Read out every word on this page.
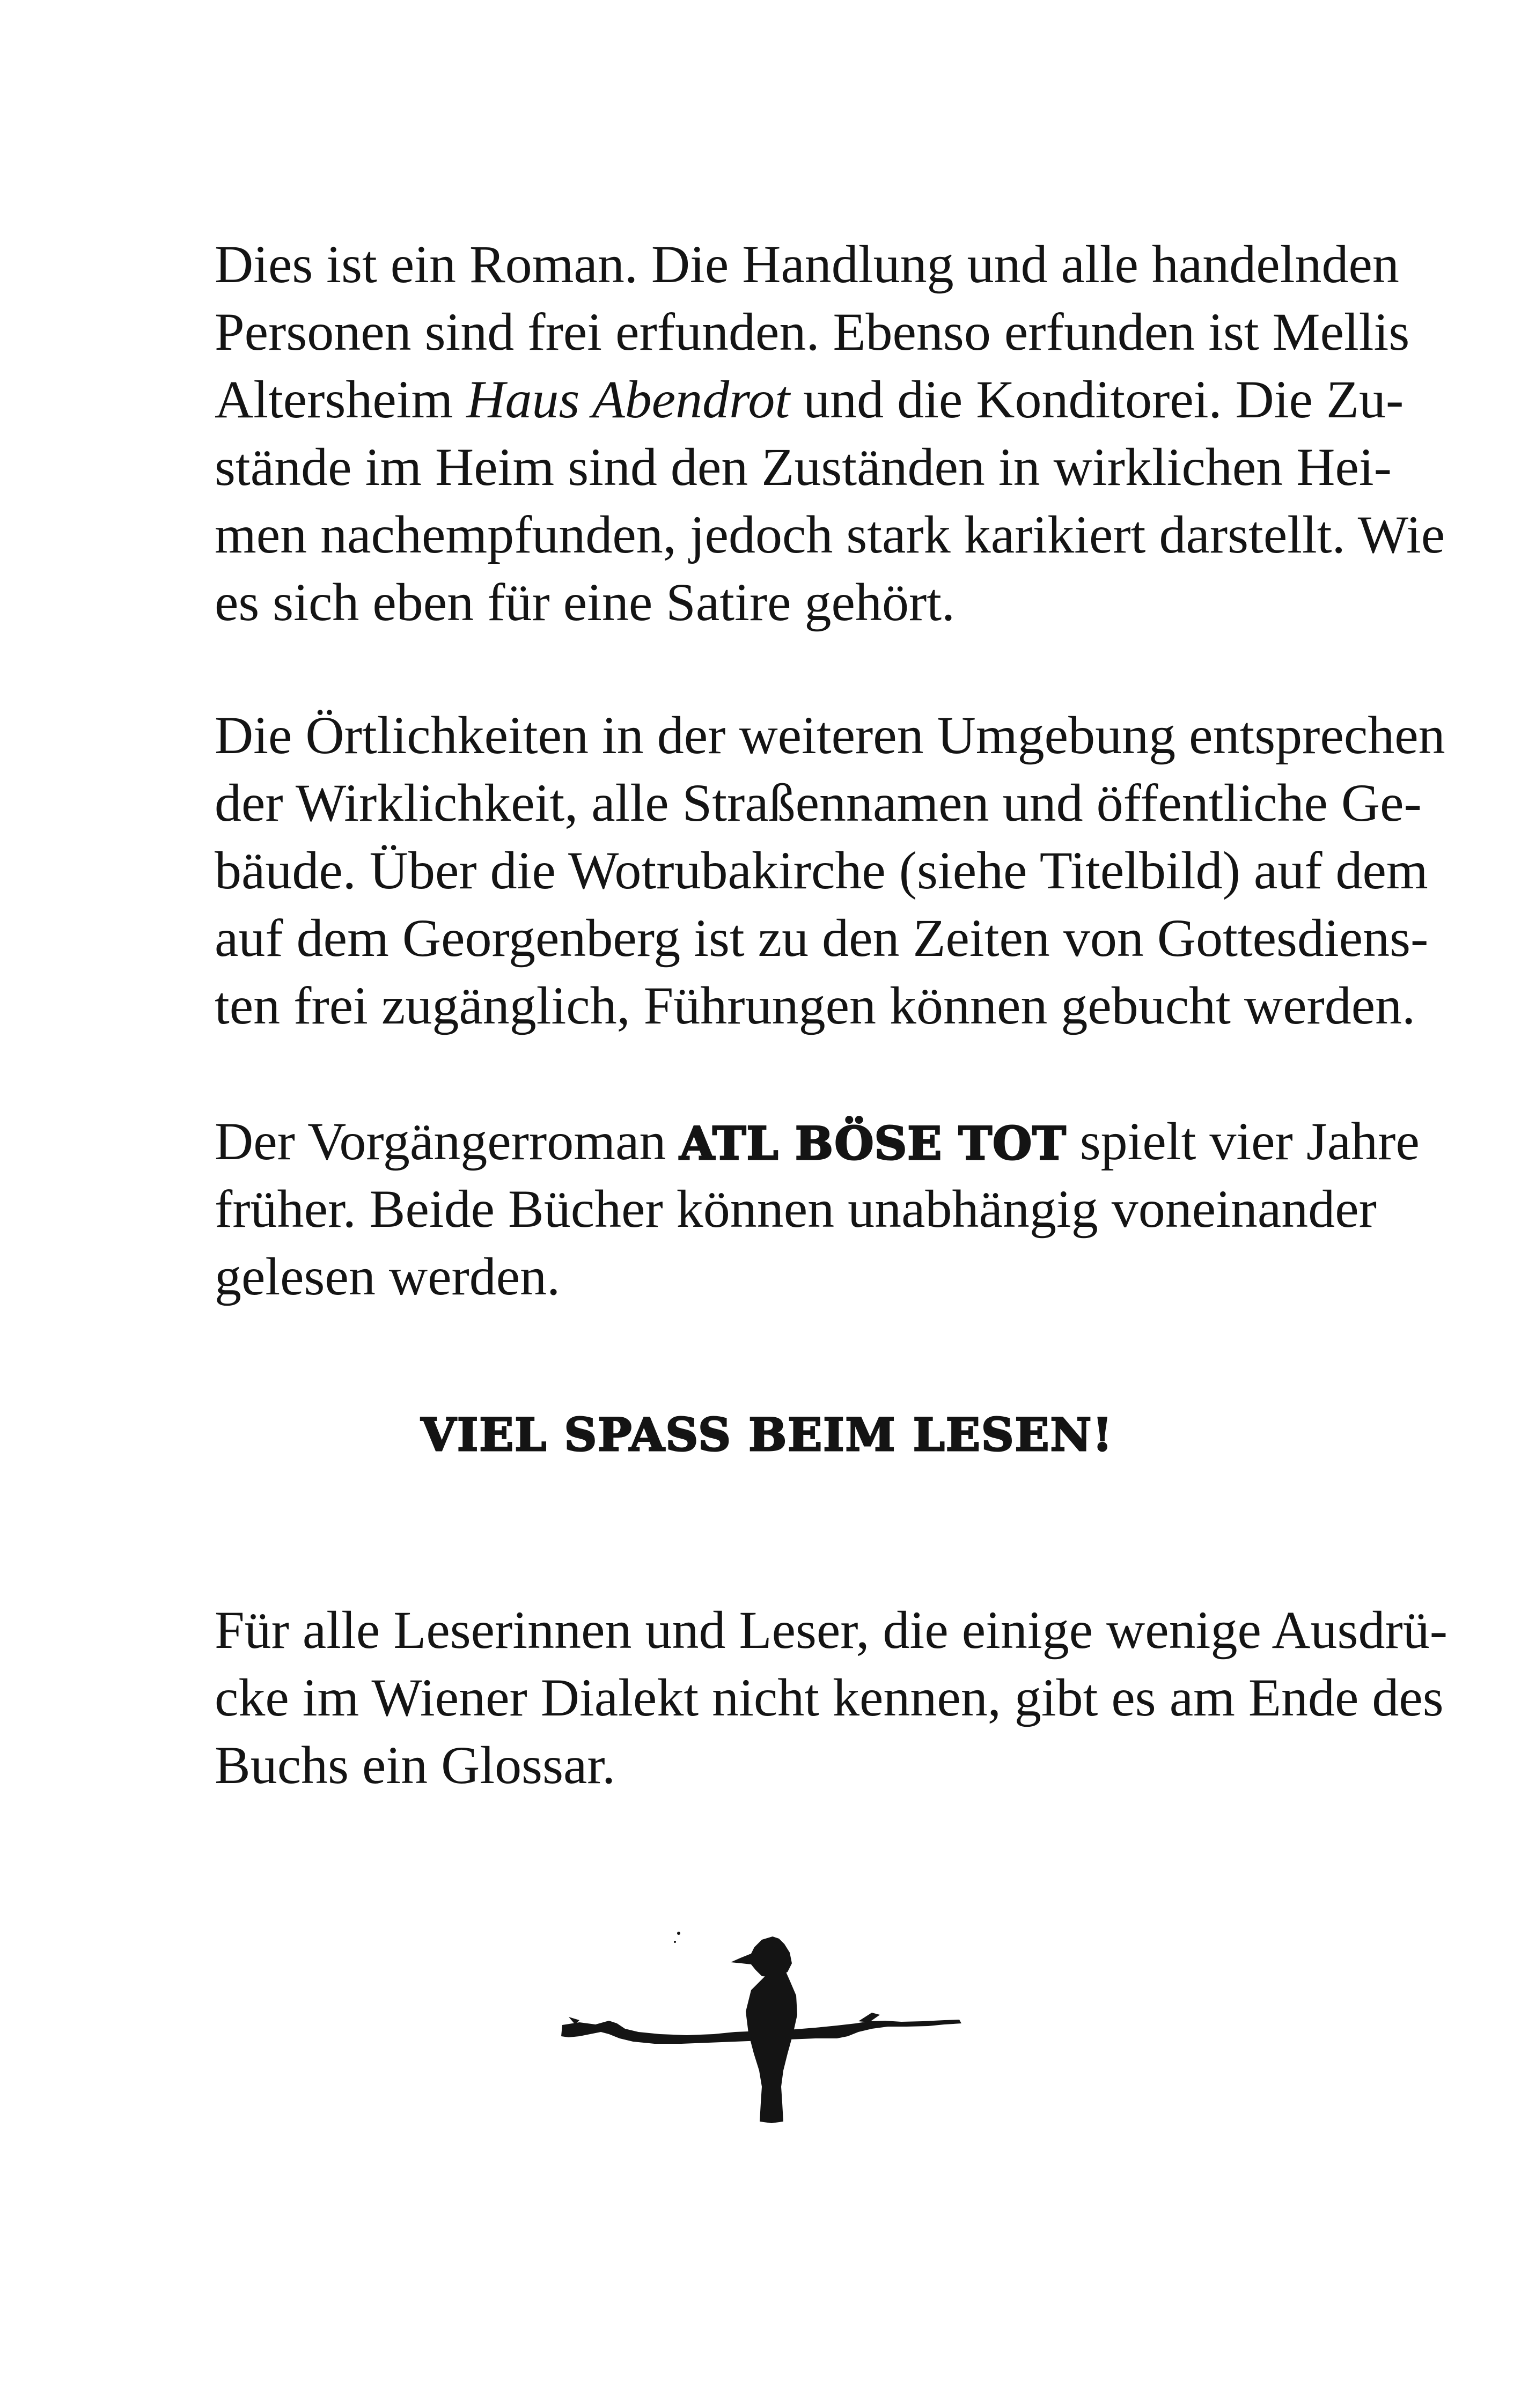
Dies ist ein Roman. Die Handlung und alle handelnden
Personen sind frei erfunden. Ebenso erfunden ist Mellis
Altersheim Haus Abendrot und die Konditorei. Die Zu-
stände im Heim sind den Zuständen in wirklichen Hei-
men nachempfunden, jedoch stark karikiert darstellt. Wie
es sich eben für eine Satire gehört.
Die Örtlichkeiten in der weiteren Umgebung entsprechen
der Wirklichkeit, alle Straßennamen und öffentliche Ge-
bäude. Über die Wotrubakirche (siehe Titelbild) auf dem
auf dem Georgenberg ist zu den Zeiten von Gottesdiens-
ten frei zugänglich, Führungen können gebucht werden.
Der Vorgängerroman ATL BÖSE TOT spielt vier Jahre
früher. Beide Bücher können unabhängig voneinander
gelesen werden.
VIEL SPASS BEIM LESEN!
Für alle Leserinnen und Leser, die einige wenige Ausdrü-
cke im Wiener Dialekt nicht kennen, gibt es am Ende des
Buchs ein Glossar.
